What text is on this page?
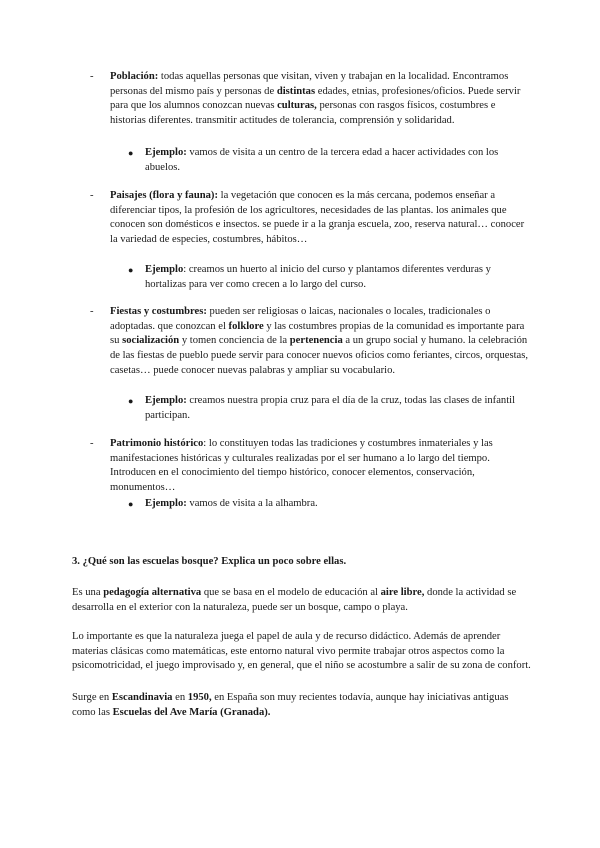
- Población: todas aquellas personas que visitan, viven y trabajan en la localidad. Encontramos personas del mismo país y personas de distintas edades, etnias, profesiones/oficios. Puede servir para que los alumnos conozcan nuevas culturas, personas con rasgos físicos, costumbres e historias diferentes. transmitir actitudes de tolerancia, comprensión y solidaridad.
● Ejemplo: vamos de visita a un centro de la tercera edad a hacer actividades con los abuelos.
- Paisajes (flora y fauna): la vegetación que conocen es la más cercana, podemos enseñar a diferenciar tipos, la profesión de los agricultores, necesidades de las plantas. los animales que conocen son domésticos e insectos. se puede ir a la granja escuela, zoo, reserva natural… conocer la variedad de especies, costumbres, hábitos…
● Ejemplo: creamos un huerto al inicio del curso y plantamos diferentes verduras y hortalizas para ver como crecen a lo largo del curso.
- Fiestas y costumbres: pueden ser religiosas o laicas, nacionales o locales, tradicionales o adoptadas. que conozcan el folklore y las costumbres propias de la comunidad es importante para su socialización y tomen conciencia de la pertenencia a un grupo social y humano. la celebración de las fiestas de pueblo puede servir para conocer nuevos oficios como feriantes, circos, orquestas, casetas… puede conocer nuevas palabras y ampliar su vocabulario.
● Ejemplo: creamos nuestra propia cruz para el día de la cruz, todas las clases de infantil participan.
- Patrimonio histórico: lo constituyen todas las tradiciones y costumbres inmateriales y las manifestaciones históricas y culturales realizadas por el ser humano a lo largo del tiempo. Introducen en el conocimiento del tiempo histórico, conocer elementos, conservación, monumentos…
● Ejemplo: vamos de visita a la alhambra.
3. ¿Qué son las escuelas bosque? Explica un poco sobre ellas.
Es una pedagogía alternativa que se basa en el modelo de educación al aire libre, donde la actividad se desarrolla en el exterior con la naturaleza, puede ser un bosque, campo o playa.
Lo importante es que la naturaleza juega el papel de aula y de recurso didáctico. Además de aprender materias clásicas como matemáticas, este entorno natural vivo permite trabajar otros aspectos como la psicomotricidad, el juego improvisado y, en general, que el niño se acostumbre a salir de su zona de confort.
Surge en Escandinavia en 1950, en España son muy recientes todavía, aunque hay iniciativas antiguas como las Escuelas del Ave María (Granada).
